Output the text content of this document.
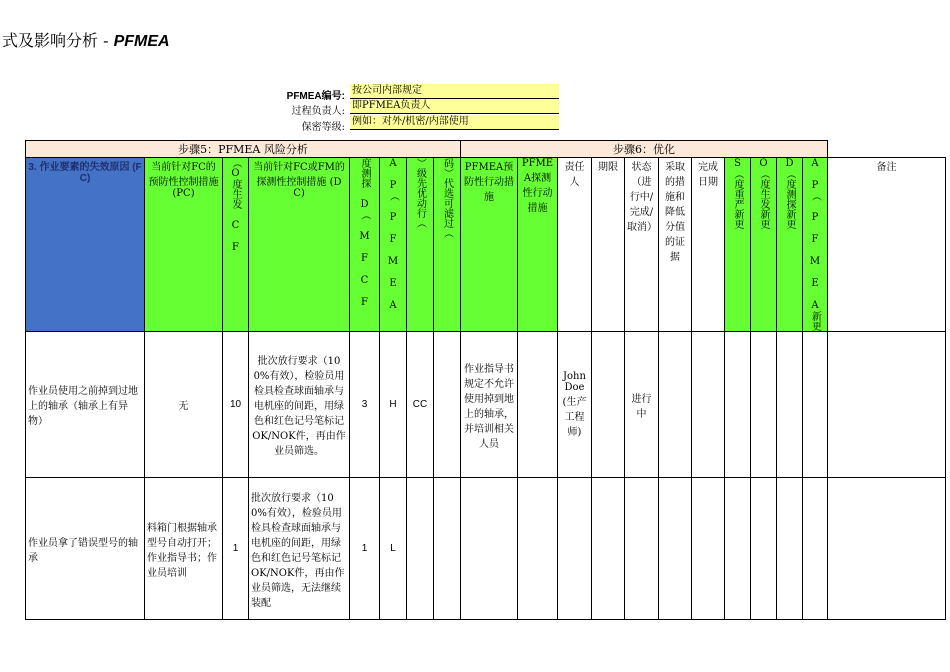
式及影响分析 - PFMEA
PFMEA编号:
按公司内部规定
过程负责人:
即PFMEA负责人
保密等级:
例如：对外/机密/内部使用
步骤5：PFMEA 风险分析								步骤6：优化											
3. 作业要素的失效原因 (FC)	当前针对FC的预防性控制措施 (PC)	（O度生发 C F	当前针对FC或FM的探测性控制措施 (DC)	度测探 D（ M F C F	A P（ P F M E A	）级先优动行（	码）代选可滤过（	PFMEA预防性行动措施	PFMEA探测性行动措施	责任人	期限	状态（进行中/完成/取消）	采取的措施和降低分值的证据	完成日期	S（度重严新更	O（度生发新更	D（度测探新更	A P（ P F M E A新更	备注
作业员使用之前掉到过地上的轴承（轴承上有异物）	无	10	批次放行要求（100%有效），检验员用检具检查球面轴承与电机座的间距，用绿色和红色记号笔标记OK/NOK件，再由作业员筛选。	3	H	CC		作业指导书规定不允许使用掉到地上的轴承，并培训相关人员		John Doe (生产工程师)		进行中							
作业员拿了错误型号的轴承	料箱门根据轴承型号自动打开；作业指导书；作业员培训	1	批次放行要求（100%有效），检验员用检具检查球面轴承与电机座的间距，用绿色和红色记号笔标记OK/NOK件，再由作业员筛选，无法继续装配	1	L														
